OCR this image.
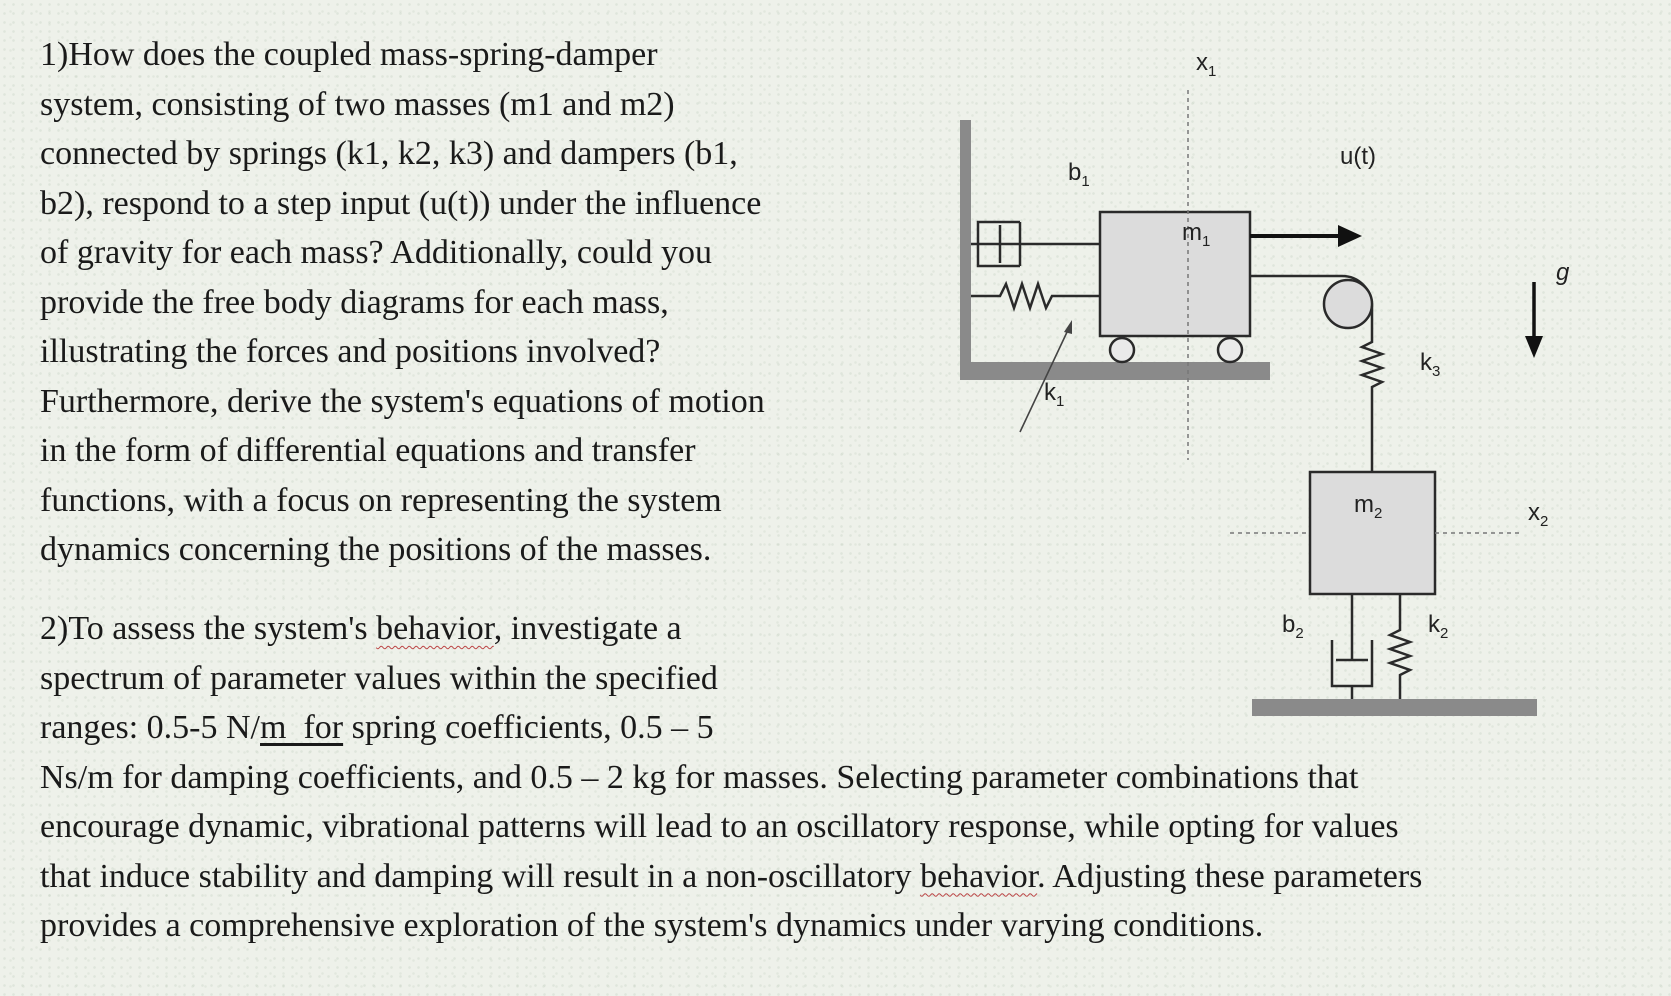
1)How does the coupled mass-spring-damper
system, consisting of two masses (m1 and m2)
connected by springs (k1, k2, k3) and dampers (b1,
b2), respond to a step input (u(t)) under the influence
of gravity for each mass? Additionally, could you
provide the free body diagrams for each mass,
illustrating the forces and positions involved?
Furthermore, derive the system's equations of motion
in the form of differential equations and transfer
functions, with a focus on representing the system
dynamics concerning the positions of the masses.
2)To assess the system's behavior, investigate a
spectrum of parameter values within the specified
ranges: 0.5-5 N/m  for spring coefficients, 0.5 – 5
Ns/m for damping coefficients, and 0.5 – 2 kg for masses. Selecting parameter combinations that
encourage dynamic, vibrational patterns will lead to an oscillatory response, while opting for values
that induce stability and damping will result in a non-oscillatory behavior. Adjusting these parameters
provides a comprehensive exploration of the system's dynamics under varying conditions.
x1
b1
u(t)
m1
g
k3
k1
m2	x2
b2	k2
